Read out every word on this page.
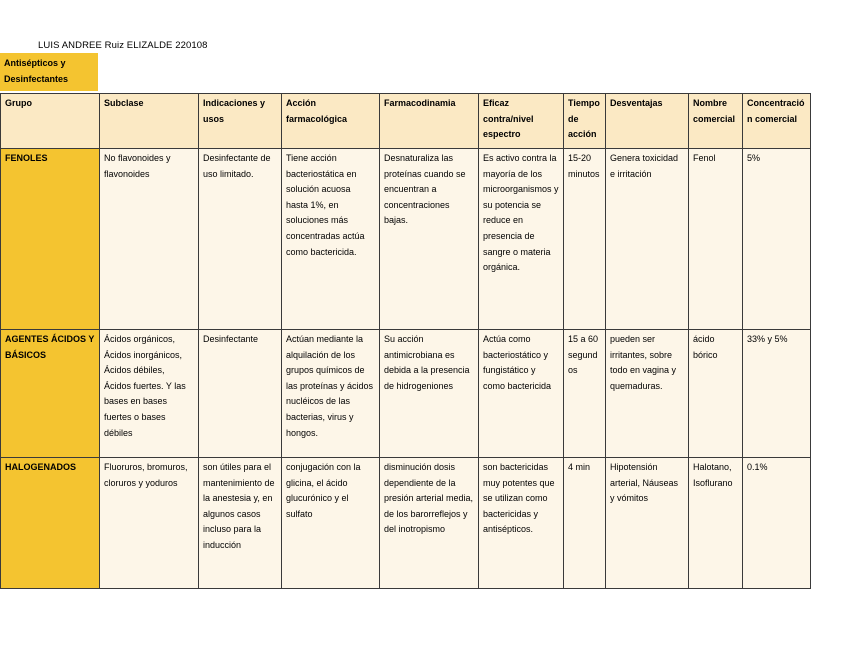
LUIS ANDREE Ruiz ELIZALDE 220108
Antisépticos y Desinfectantes
Grupo	Subclase	Indicaciones y usos	Acción farmacológica	Farmacodinamia	Eficaz contra/nivel espectro	Tiempo de acción	Desventajas	Nombre comercial	Concentración comercial
FENOLES	No flavonoides y flavonoides	Desinfectante de uso limitado.	Tiene acción bacteriostática en solución acuosa hasta 1%, en soluciones más concentradas actúa como bactericida.	Desnaturaliza las proteínas cuando se encuentran a concentraciones bajas.	Es activo contra la mayoría de los microorganismos y su potencia se reduce en presencia de sangre o materia orgánica.	15-20 minutos	Genera toxicidad e irritación	Fenol	5%
AGENTES ÁCIDOS Y BÁSICOS	Ácidos orgánicos, Ácidos inorgánicos, Ácidos débiles, Ácidos fuertes. Y las bases en bases fuertes o bases débiles	Desinfectante	Actúan mediante la alquilación de los grupos químicos de las proteínas y ácidos nucléicos de las bacterias, virus y hongos.	Su acción antimicrobiana es debida a la presencia de hidrogeniones	Actúa como bacteriostático y fungistático y como bactericida	15 a 60 segundos	pueden ser irritantes, sobre todo en vagina y quemaduras.	ácido bórico	33% y 5%
HALOGENADOS	Fluoruros, bromuros, cloruros y yoduros	son útiles para el mantenimiento de la anestesia y, en algunos casos incluso para la inducción	conjugación con la glicina, el ácido glucurónico y el sulfato	disminución dosis dependiente de la presión arterial media, de los barorreflejos y del inotropismo	son bactericidas muy potentes que se utilizan como bactericidas y antisépticos.	4 min	Hipotensión arterial, Náuseas y vómitos	Halotano, Isoflurano	0.1%
